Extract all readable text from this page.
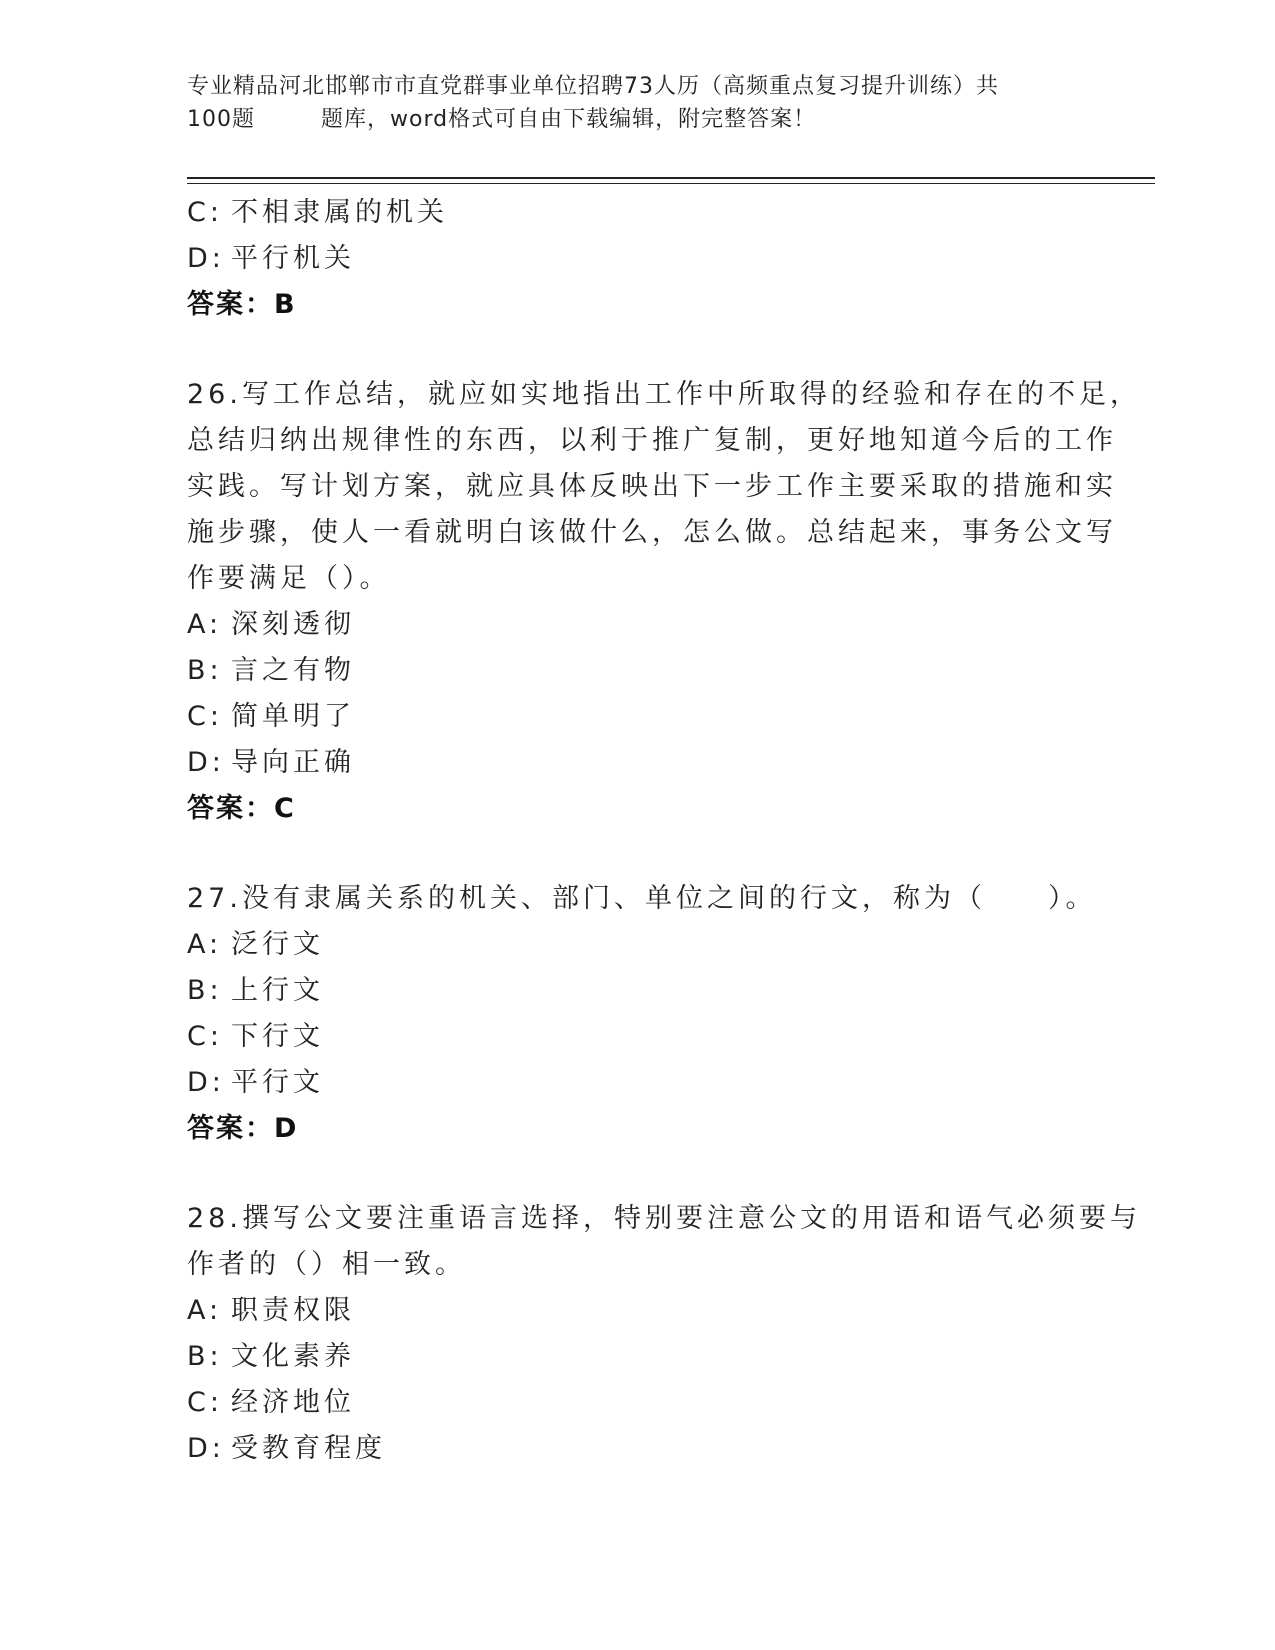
专业精品河北邯郸市市直党群事业单位招聘73人历（高频重点复习提升训练）共
100题	题库，word格式可自由下载编辑，附完整答案！
C: 不相隶属的机关
D: 平行机关
答案：B
26.写工作总结，就应如实地指出工作中所取得的经验和存在的不足，
总结归纳出规律性的东西，以利于推广复制，更好地知道今后的工作
实践。写计划方案，就应具体反映出下一步工作主要采取的措施和实
施步骤，使人一看就明白该做什么，怎么做。总结起来，事务公文写
作要满足（）。
A: 深刻透彻
B: 言之有物
C: 简单明了
D: 导向正确
答案：C
27.没有隶属关系的机关、部门、单位之间的行文，称为（　　）。
A: 泛行文
B: 上行文
C: 下行文
D: 平行文
答案：D
28.撰写公文要注重语言选择，特别要注意公文的用语和语气必须要与
作者的（）相一致。
A: 职责权限
B: 文化素养
C: 经济地位
D: 受教育程度
